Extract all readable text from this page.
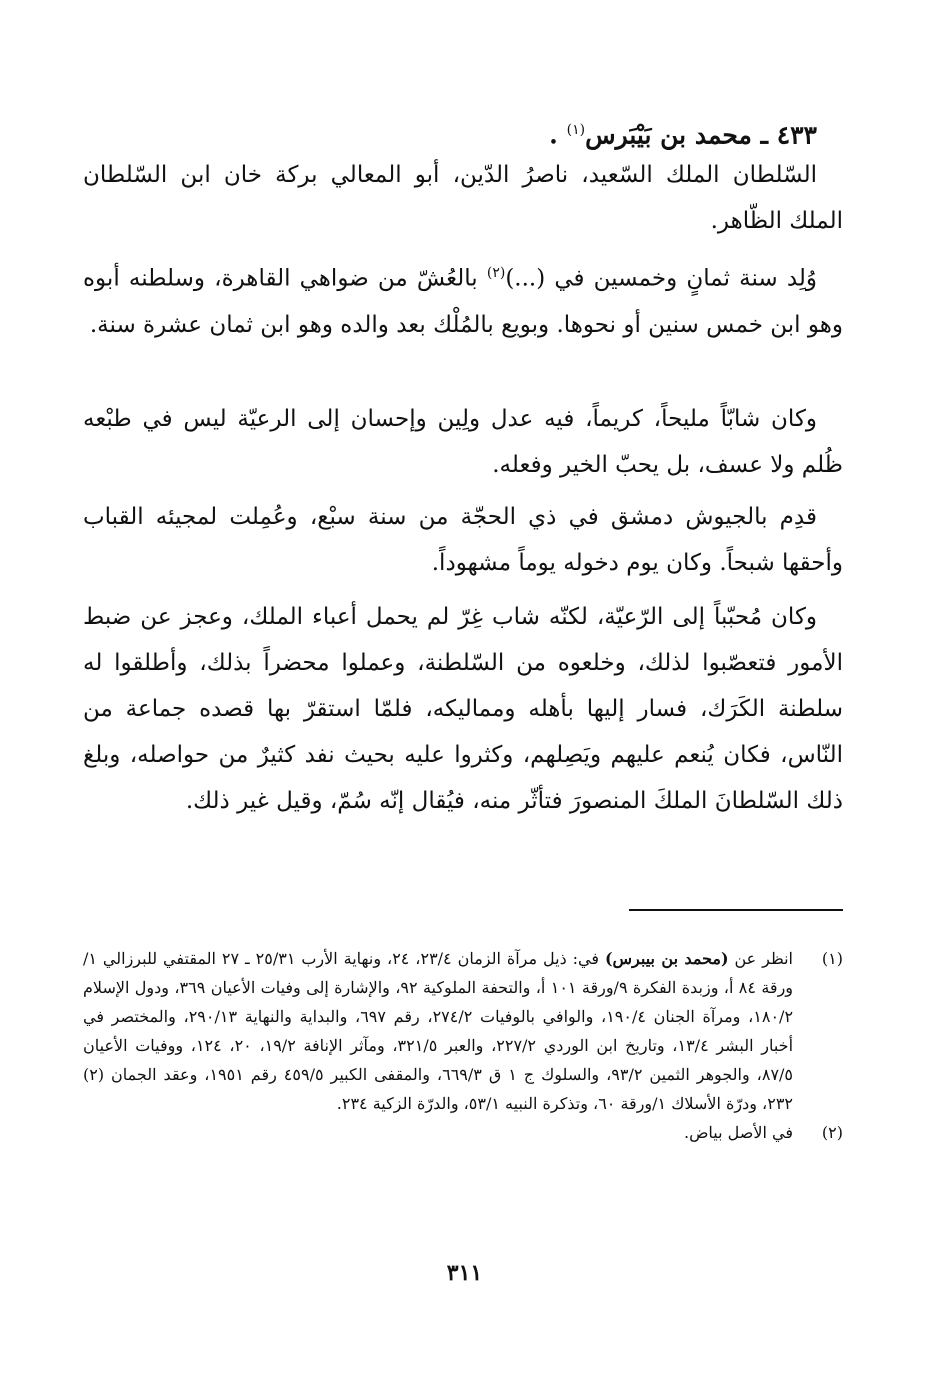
٤٣٣ ـ محمد بن بَيْبَرس$^{(١)}$ .
السّلطان الملك السّعيد، ناصرُ الدّين، أبو المعالي بركة خان ابن السّلطان الملك الظّاهر.
وُلِد سنة ثمانٍ وخمسين في (...)$^{(٢)}$ بالعُشّ من ضواهي القاهرة، وسلطنه أبوه وهو ابن خمس سنين أو نحوها. وبويع بالمُلْك بعد والده وهو ابن ثمان عشرة سنة.
وكان شابّاً مليحاً، كريماً، فيه عدل ولِين وإحسان إلى الرعيّة ليس في طبْعه ظُلم ولا عسف، بل يحبّ الخير وفعله.
قدِم بالجيوش دمشق في ذي الحجّة من سنة سبْع، وعُمِلت لمجيئه القباب وأحقها شبحاً. وكان يوم دخوله يوماً مشهوداً.
وكان مُحبّباً إلى الرّعيّة، لكنّه شاب غِرّ لم يحمل أعباء الملك، وعجز عن ضبط الأمور فتعصّبوا لذلك، وخلعوه من السّلطنة، وعملوا محضراً بذلك، وأطلقوا له سلطنة الكَرَك، فسار إليها بأهله ومماليكه، فلمّا استقرّ بها قصده جماعة من النّاس، فكان يُنعم عليهم ويَصِلهم، وكثروا عليه بحيث نفد كثيرٌ من حواصله، وبلغ ذلك السّلطانَ الملكَ المنصورَ فتأثّر منه، فيُقال إنّه سُمّ، وقيل غير ذلك.
(١)
انظر عن (محمد بن بيبرس) في: ذيل مرآة الزمان ٢٣/٤، ٢٤، ونهاية الأرب ٢٥/٣١ ـ ٢٧ المقتفي للبرزالي ١/ورقة ٨٤ أ، وزبدة الفكرة ٩/ورقة ١٠١ أ، والتحفة الملوكية ٩٢، والإشارة إلى وفيات الأعيان ٣٦٩، ودول الإسلام ١٨٠/٢، ومرآة الجنان ١٩٠/٤، والوافي بالوفيات ٢٧٤/٢، رقم ٦٩٧، والبداية والنهاية ٢٩٠/١٣، والمختصر في أخبار البشر ١٣/٤، وتاريخ ابن الوردي ٢٢٧/٢، والعبر ٣٢١/٥، ومآثر الإنافة ١٩/٢، ٢٠، ١٢٤، ووفيات الأعيان ٨٧/٥، والجوهر الثمين ٩٣/٢، والسلوك ج ١ ق ٦٦٩/٣، والمقفى الكبير ٤٥٩/٥ رقم ١٩٥١، وعقد الجمان (٢) ٢٣٢، ودرّة الأسلاك ١/ورقة ٦٠، وتذكرة النبيه ٥٣/١، والدرّة الزكية ٢٣٤.
(٢)
في الأصل بياض.
٣١١
